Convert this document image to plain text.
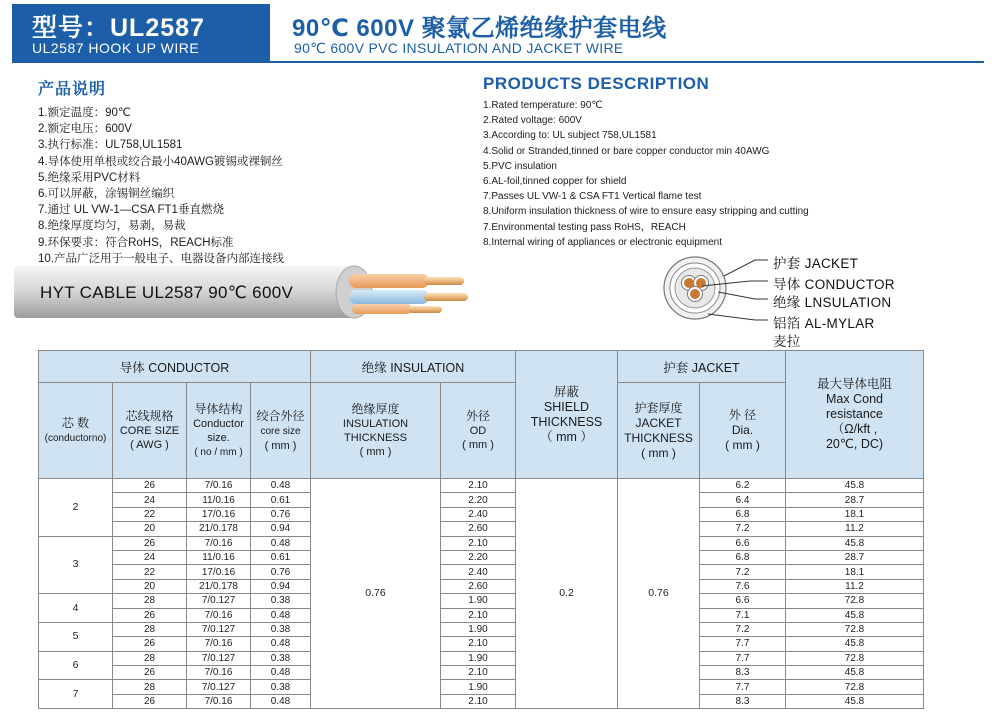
型号：UL2587
UL2587 HOOK UP WIRE
90℃ 600V 聚氯乙烯绝缘护套电线
90℃ 600V PVC INSULATION AND JACKET WIRE
产品说明
1.额定温度：90℃
2.额定电压：600V
3.执行标准：UL758,UL1581
4.导体使用单根或绞合最小40AWG镀锡或裸铜丝
5.绝缘采用PVC材料
6.可以屏蔽，涂锡铜丝编织
7.通过 UL VW-1—CSA FT1垂直燃烧
8.绝缘厚度均匀，易剥，易裁
9.环保要求：符合RoHS，REACH标准
10.产品广泛用于一般电子、电器设备内部连接线
PRODUCTS DESCRIPTION
1.Rated temperature: 90℃
2.Rated voltage: 600V
3.According to: UL subject 758,UL1581
4.Solid or Stranded,tinned or bare copper conductor min 40AWG
5.PVC insulation
6.AL-foil,tinned copper for shield
7.Passes UL VW-1 & CSA FT1 Vertical flame test
8.Uniform insulation thickness of wire to ensure easy stripping and cutting
7.Environmental testing pass RoHS，REACH
8.Internal wiring of appliances or electronic equipment
HYT CABLE UL2587 90℃ 600V
护套 JACKET
导体 CONDUCTOR
绝缘 LNSULATION
铝箔 AL-MYLAR
麦拉
导体 CONDUCTOR				绝缘 INSULATION		屏蔽
SHIELD
THICKNESS
（ mm ）	护套 JACKET		最大导体电阻
Max Cond
resistance
（Ω/kft ,
20℃, DC)
芯 数
(conductorno)	芯线规格
CORE SIZE
( AWG )	导体结构
Conductor
size.
( no / mm )	绞合外径
core size
( mm )	绝缘厚度
INSULATION
THICKNESS
( mm )	外径
OD
( mm )		护套厚度
JACKET
THICKNESS
( mm )	外 径
Dia.
( mm )	
2	26	7/0.16	0.48	0.76	2.10	0.2	0.76	6.2	45.8
	24	11/0.16	0.61		2.20			6.4	28.7
	22	17/0.16	0.76		2.40			6.8	18.1
	20	21/0.178	0.94		2.60			7.2	11.2
3	26	7/0.16	0.48		2.10			6.6	45.8
	24	11/0.16	0.61		2.20			6.8	28.7
	22	17/0.16	0.76		2.40			7.2	18.1
	20	21/0.178	0.94		2.60			7.6	11.2
4	28	7/0.127	0.38		1.90			6.6	72.8
	26	7/0.16	0.48		2.10			7.1	45.8
5	28	7/0.127	0.38		1.90			7.2	72.8
	26	7/0.16	0.48		2.10			7.7	45.8
6	28	7/0.127	0.38		1.90			7.7	72.8
	26	7/0.16	0.48		2.10			8.3	45.8
7	28	7/0.127	0.38		1.90			7.7	72.8
	26	7/0.16	0.48		2.10			8.3	45.8
